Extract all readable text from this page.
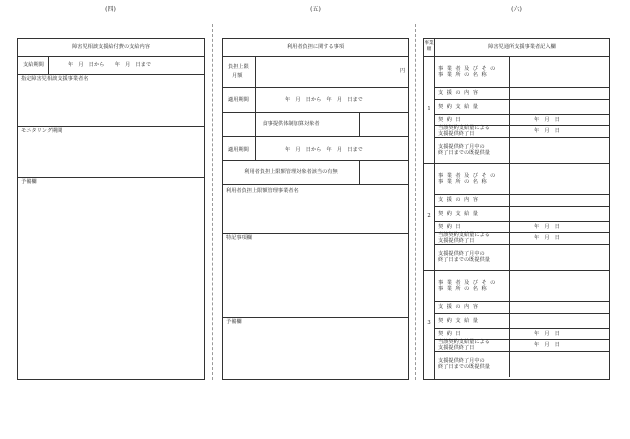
(四)	(五)	(六)
障害児相談支援給付費の支給内容
支給期間	年　月　日から　　年　月　日まで
指定障害児相談支援事業者名
モニタリング期間
予備欄
利用者負担に関する事項
負担上限
月額
円
適用期間	年　月　日から　年　月　日まで
食事提供体制加算対象者
適用期間	年　月　日から　年　月　日まで
利用者負担上限額管理対象者該当の有無
利用者負担上限額管理事業者名
特記事項欄
予備欄
事業順	障害児通所支援事業者記入欄
1
事業者及びその
事業所の名称
支援の内容
契約支給量
契約日	年　月　日
当該契約支給量による
支援提供終了日	年　月　日
支援提供終了月中の
終了日までの既提供量
2
事業者及びその
事業所の名称
支援の内容
契約支給量
契約日	年　月　日
当該契約支給量による
支援提供終了日	年　月　日
支援提供終了月中の
終了日までの既提供量
3
事業者及びその
事業所の名称
支援の内容
契約支給量
契約日	年　月　日
当該契約支給量による
支援提供終了日	年　月　日
支援提供終了月中の
終了日までの既提供量
